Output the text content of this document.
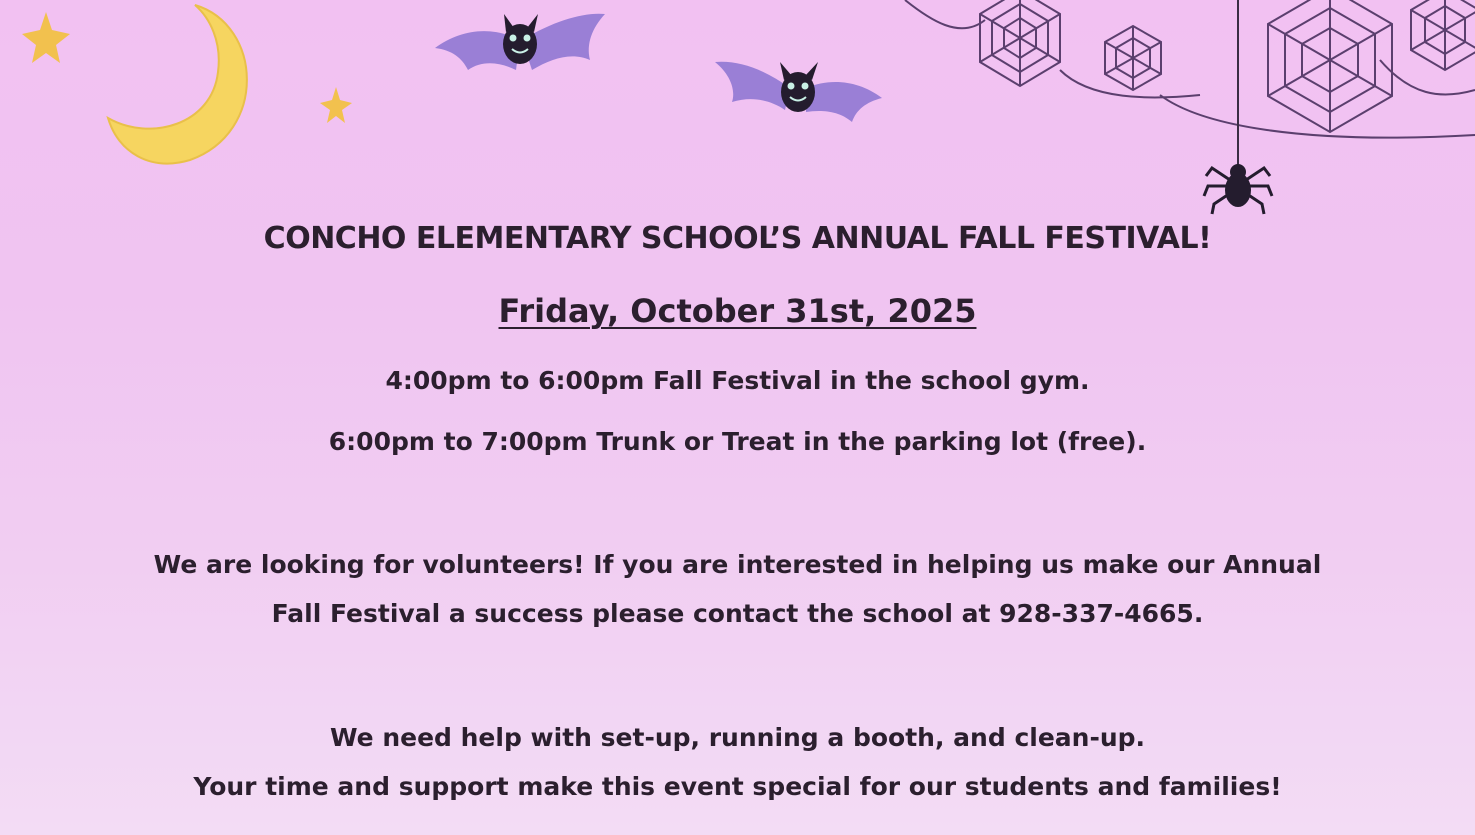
CONCHO ELEMENTARY SCHOOL’S ANNUAL FALL FESTIVAL!
Friday, October 31st, 2025
4:00pm to 6:00pm Fall Festival in the school gym.
6:00pm to 7:00pm Trunk or Treat in the parking lot (free).
We are looking for volunteers! If you are interested in helping us make our Annual
Fall Festival a success please contact the school at 928-337-4665.
We need help with set-up, running a booth, and clean-up.
Your time and support make this event special for our students and families!
